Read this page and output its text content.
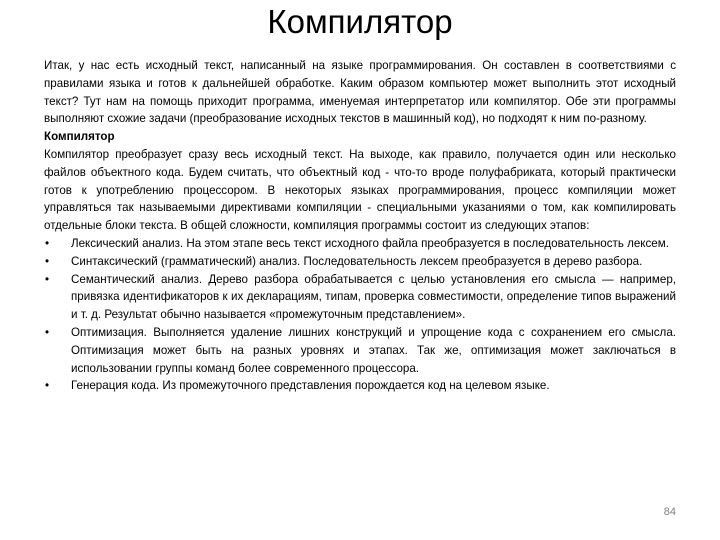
Компилятор

Итак, у нас есть исходный текст, написанный на языке программирования. Он составлен в соответствиями с правилами языка и готов к дальнейшей обработке. Каким образом компьютер может выполнить этот исходный текст? Тут нам на помощь приходит программа, именуемая интерпретатор или компилятор. Обе эти программы выполняют схожие задачи (преобразование исходных текстов в машинный код), но подходят к ним по-разному.

Компилятор

Компилятор преобразует сразу весь исходный текст. На выходе, как правило, получается один или несколько файлов объектного кода. Будем считать, что объектный код - что-то вроде полуфабриката, который практически готов к употреблению процессором. В некоторых языках программирования, процесс компиляции может управляться так называемыми директивами компиляции - специальными указаниями о том, как компилировать отдельные блоки текста. В общей сложности, компиляция программы состоит из следующих этапов:

• Лексический анализ. На этом этапе весь текст исходного файла преобразуется в последовательность лексем.
• Синтаксический (грамматический) анализ. Последовательность лексем преобразуется в дерево разбора.
• Семантический анализ. Дерево разбора обрабатывается с целью установления его смысла — например, привязка идентификаторов к их декларациям, типам, проверка совместимости, определение типов выражений и т. д. Результат обычно называется «промежуточным представлением».
• Оптимизация. Выполняется удаление лишних конструкций и упрощение кода с сохранением его смысла. Оптимизация может быть на разных уровнях и этапах. Так же, оптимизация может заключаться в использовании группы команд более современного процессора.
• Генерация кода. Из промежуточного представления порождается код на целевом языке.
84
